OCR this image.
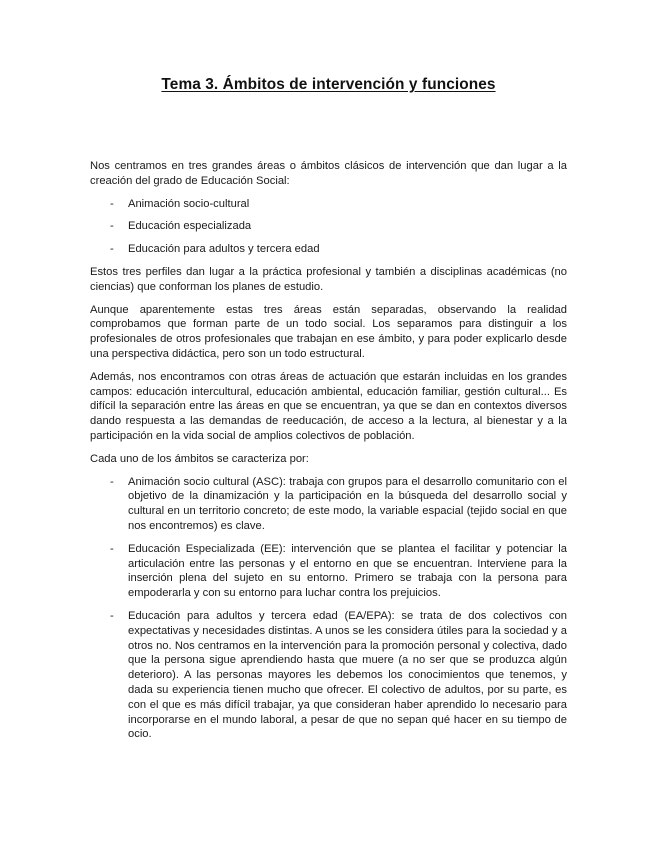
Tema 3. Ámbitos de intervención y funciones

Nos centramos en tres grandes áreas o ámbitos clásicos de intervención que dan lugar a la creación del grado de Educación Social:

- Animación socio-cultural
- Educación especializada
- Educación para adultos y tercera edad

Estos tres perfiles dan lugar a la práctica profesional y también a disciplinas académicas (no ciencias) que conforman los planes de estudio.

Aunque aparentemente estas tres áreas están separadas, observando la realidad comprobamos que forman parte de un todo social. Los separamos para distinguir a los profesionales de otros profesionales que trabajan en ese ámbito, y para poder explicarlo desde una perspectiva didáctica, pero son un todo estructural.

Además, nos encontramos con otras áreas de actuación que estarán incluidas en los grandes campos: educación intercultural, educación ambiental, educación familiar, gestión cultural... Es difícil la separación entre las áreas en que se encuentran, ya que se dan en contextos diversos dando respuesta a las demandas de reeducación, de acceso a la lectura, al bienestar y a la participación en la vida social de amplios colectivos de población.

Cada uno de los ámbitos se caracteriza por:

- Animación socio cultural (ASC): trabaja con grupos para el desarrollo comunitario con el objetivo de la dinamización y la participación en la búsqueda del desarrollo social y cultural en un territorio concreto; de este modo, la variable espacial (tejido social en que nos encontremos) es clave.
- Educación Especializada (EE): intervención que se plantea el facilitar y potenciar la articulación entre las personas y el entorno en que se encuentran. Interviene para la inserción plena del sujeto en su entorno. Primero se trabaja con la persona para empoderarla y con su entorno para luchar contra los prejuicios.
- Educación para adultos y tercera edad (EA/EPA): se trata de dos colectivos con expectativas y necesidades distintas. A unos se les considera útiles para la sociedad y a otros no. Nos centramos en la intervención para la promoción personal y colectiva, dado que la persona sigue aprendiendo hasta que muere (a no ser que se produzca algún deterioro). A las personas mayores les debemos los conocimientos que tenemos, y dada su experiencia tienen mucho que ofrecer. El colectivo de adultos, por su parte, es con el que es más difícil trabajar, ya que consideran haber aprendido lo necesario para incorporarse en el mundo laboral, a pesar de que no sepan qué hacer en su tiempo de ocio.
